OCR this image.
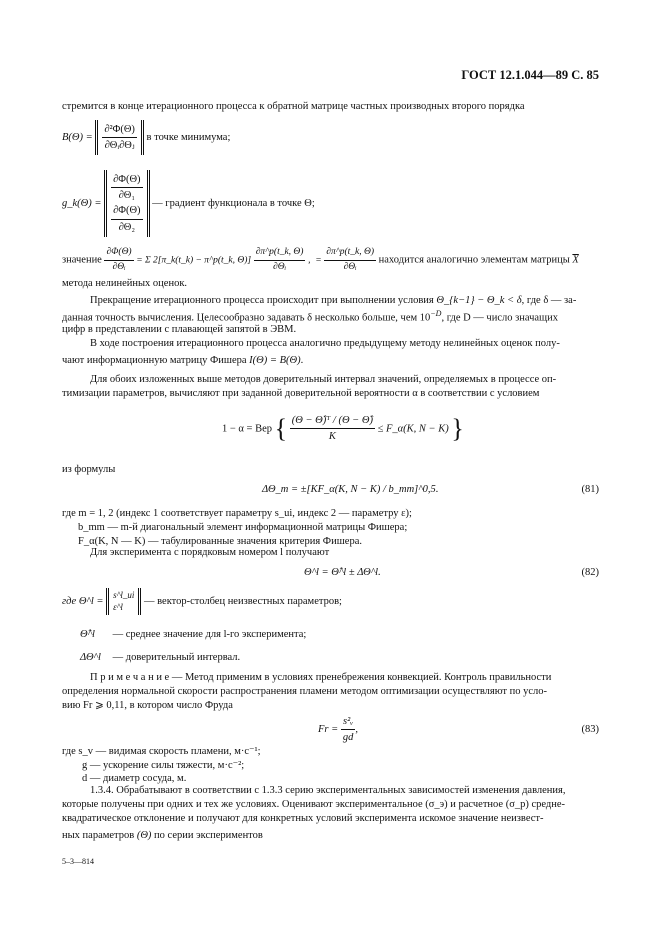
ГОСТ 12.1.044—89 С. 85
стремится в конце итерационного процесса к обратной матрице частных производных второго порядка
$B(\Theta) = \frac{\text{∂²Φ(Θ)}}{\text{∂Θᵢ∂Θⱼ}}$ в точке минимума;
g_k(Θ) =
∂Φ(Θ)
∂Θ₁
∂Φ(Θ)
∂Θ₂
— градиент функционала в точке Θ;
значение $\frac{\partial\Phi(\Theta)}{\text{∂Θᵢ}} = \Sigma$ 2[π_k(t_k) − π^p(t_k, $\Theta)] \frac{\partial\pi\^{}p(t\_k, \Theta)}{\text{∂Θᵢ}}$ ,  = $\frac{\partial\pi\^{}p(t\_k, \Theta)}{\text{∂Θᵢ}}$ находится аналогично элементам матрицы $\overline{X}$
метода нелинейных оценок.
Прекращение итерационного процесса происходит при выполнении условия Θ_{k−1} − Θ_k < δ, где δ — за-
данная точность вычисления. Целесообразно задавать δ несколько больше, чем $10^{-D}$, где D — число значащих
цифр в представлении с плавающей запятой в ЭВМ.
В ходе построения итерационного процесса аналогично предыдущему методу нелинейных оценок полу-
чают информационную матрицу Фишера I(Θ) = B(Θ).
Для обоих изложенных выше методов доверительный интервал значений, определяемых в процессе оп-
тимизации параметров, вычисляют при заданной доверительной вероятности α в соответствии с условием
1 − α = Вер { $\frac{\text{(Θ − Θ̂)ᵀ / (Θ − Θ̂)}}{K}$ ≤ F_α(K, N − K) }
из формулы
ΔΘ_m = ±[KF_α(K, N − K) / b_mm]^0,5.	(81)
где m = 1, 2 (индекс 1 соответствует параметру s_ui, индекс 2 — параметру ε);
b_mm — m-й диагональный элемент информационной матрицы Фишера;
F_α(K, N — K) — табулированные значения критерия Фишера.
Для эксперимента с порядковым номером l получают
Θ^l = Θ̂^l ± ΔΘ^l.	(82)
где Θ^l =
s^l_ui
ε^l	— вектор-столбец неизвестных параметров;
Θ̂^l — среднее значение для l-го эксперимента;
ΔΘ^l — доверительный интервал.
П р и м е ч а н и е — Метод применим в условиях пренебрежения конвекцией. Контроль правильности
определения нормальной скорости распространения пламени методом оптимизации осуществляют по усло-
вию Fr ⩾ 0,11, в котором число Фруда
$Fr = \frac{\text{s²ᵥ}}{gd}$ ,	(83)
где s_v — видимая скорость пламени, м·с⁻¹;
g — ускорение силы тяжести, м·с⁻²;
d — диаметр сосуда, м.
1.3.4. Обрабатывают в соответствии с 1.3.3 серию экспериментальных зависимостей изменения давления,
которые получены при одних и тех же условиях. Оценивают экспериментальное (σ_э) и расчетное (σ_р) средне-
квадратическое отклонение и получают для конкретных условий эксперимента искомое значение неизвест-
ных параметров (Θ) по серии экспериментов
5–3—814
